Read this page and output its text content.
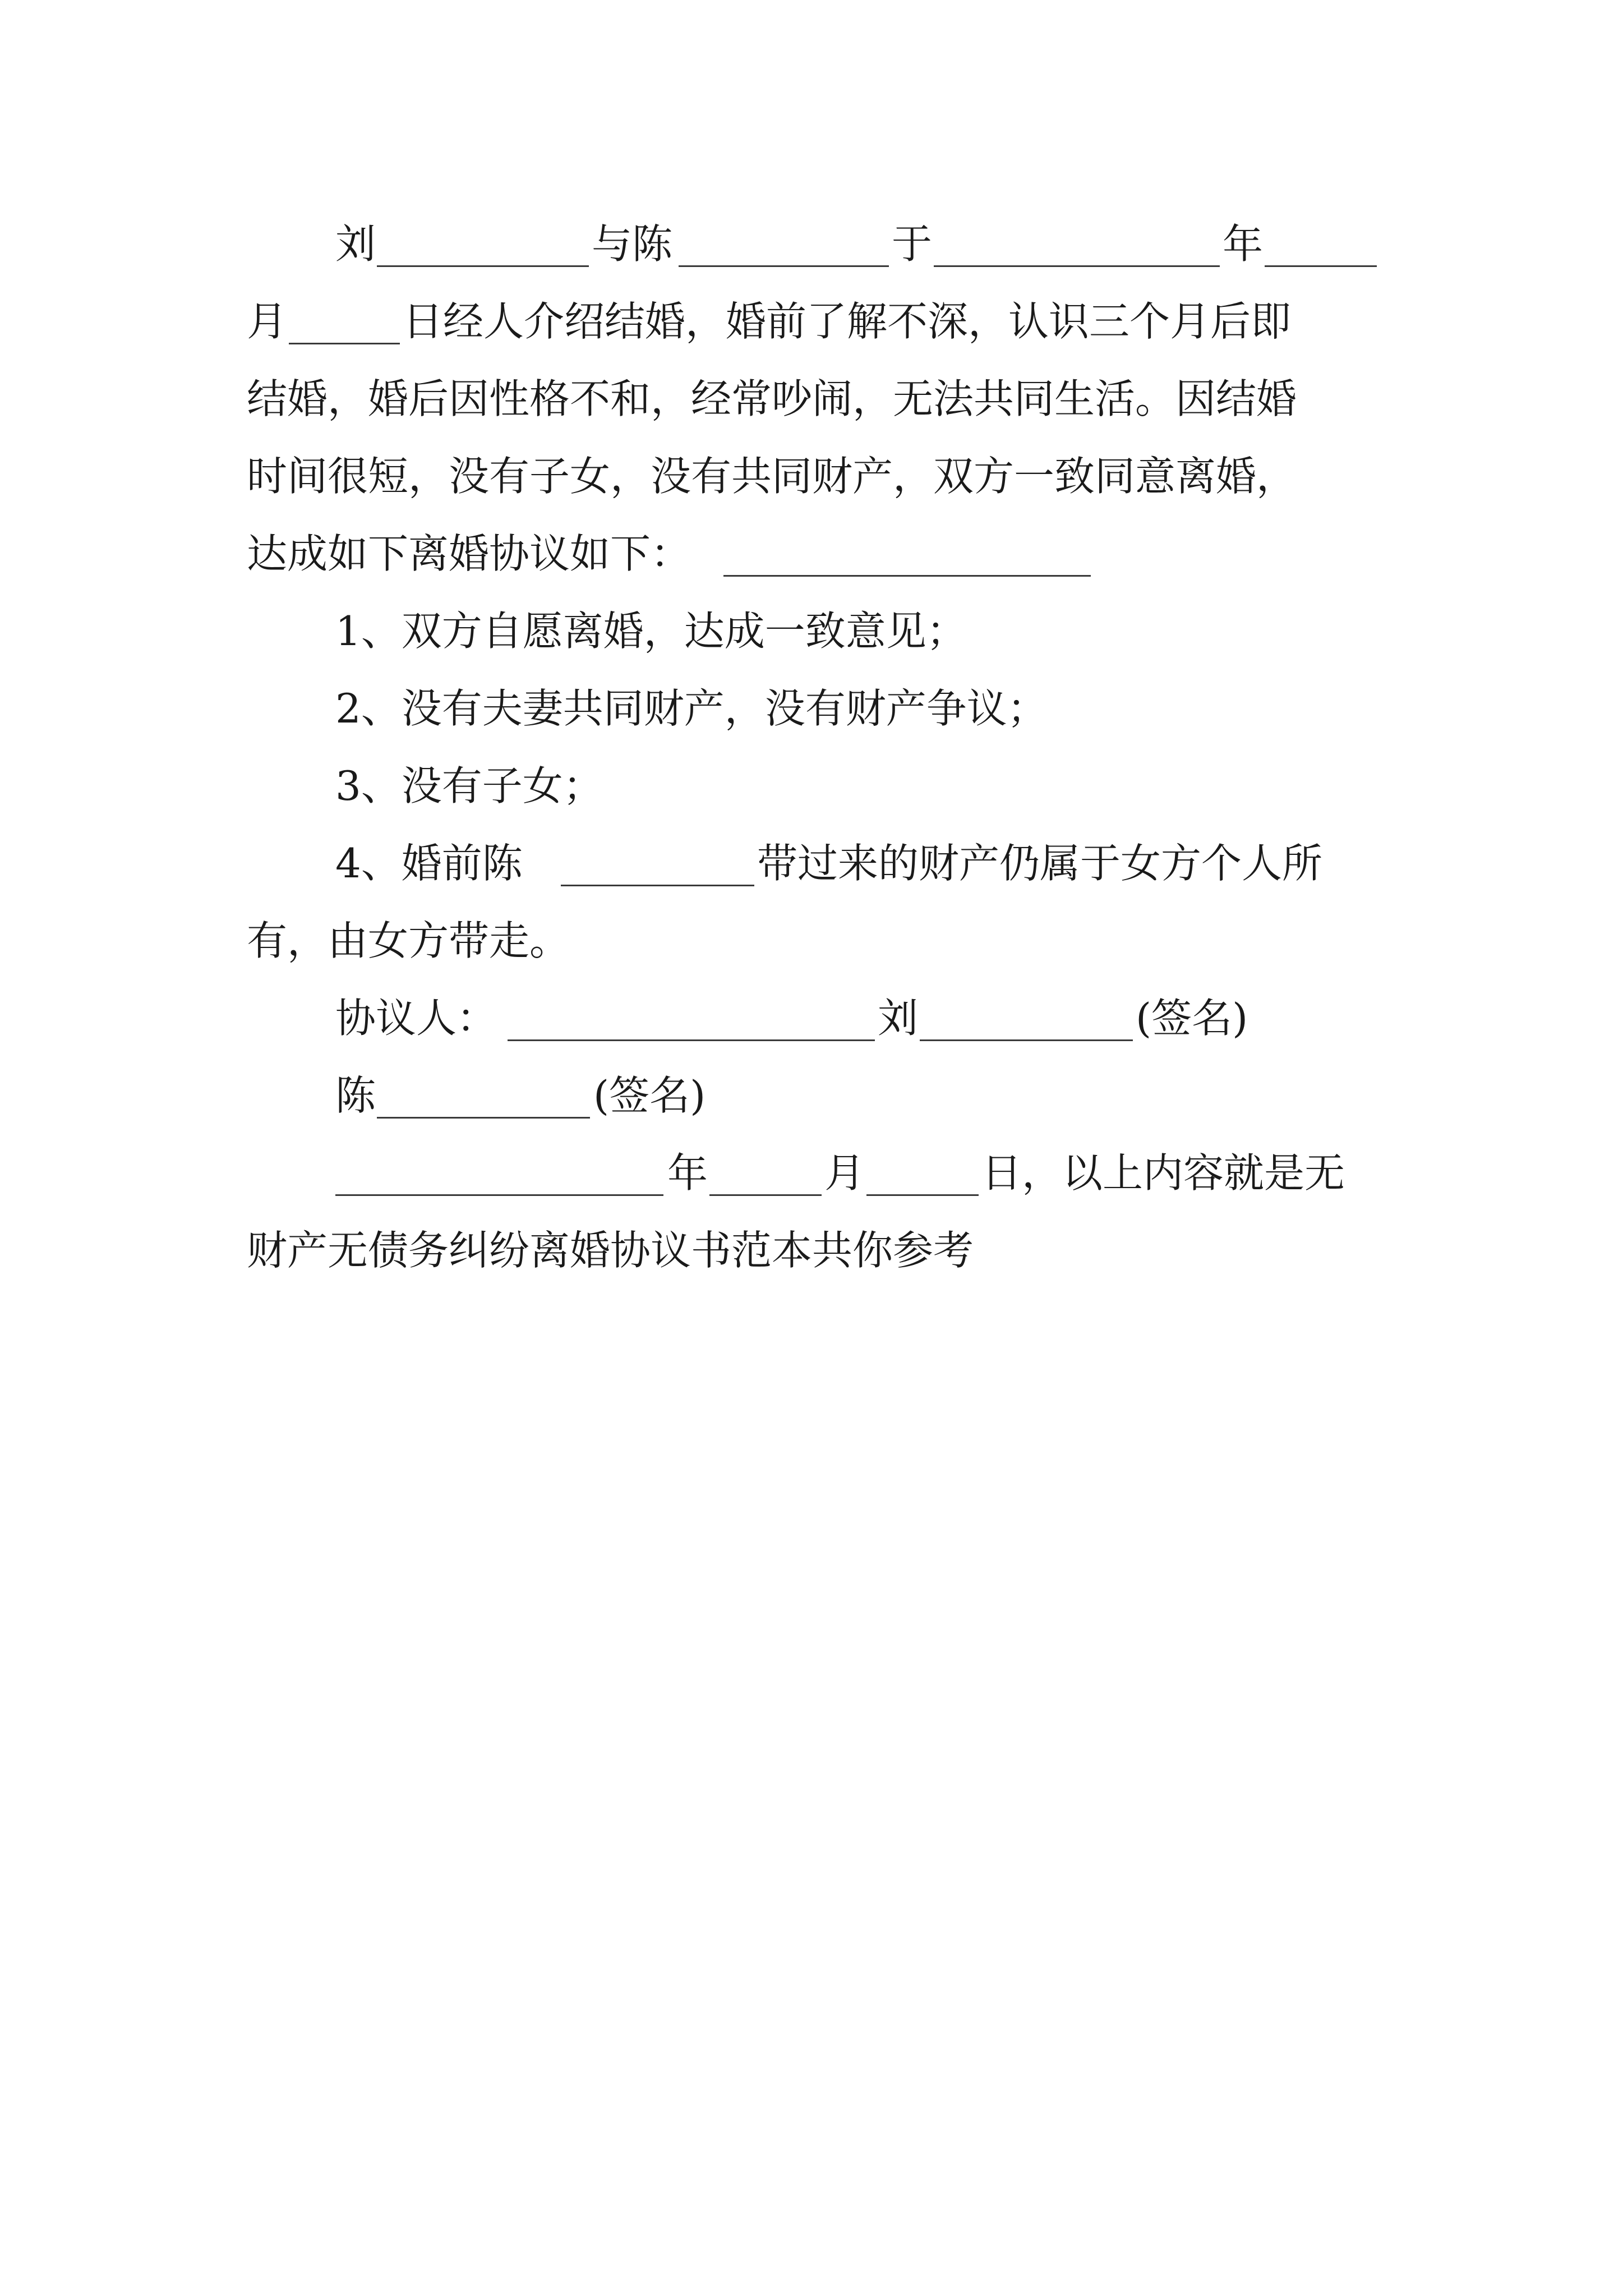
刘	与陈	于	年
月	日经人介绍结婚，婚前了解不深，认识三个月后即
结婚，婚后因性格不和，经常吵闹，无法共同生活。因结婚
时间很短，没有子女，没有共同财产，双方一致同意离婚，
达成如下离婚协议如下：
1、双方自愿离婚，达成一致意见；
2、没有夫妻共同财产，没有财产争议；
3、没有子女；
4、婚前陈	带过来的财产仍属于女方个人所
有，由女方带走。
协议人：	刘	(签名)
陈	(签名)
年	月	日，以上内容就是无
财产无债务纠纷离婚协议书范本共你参考
